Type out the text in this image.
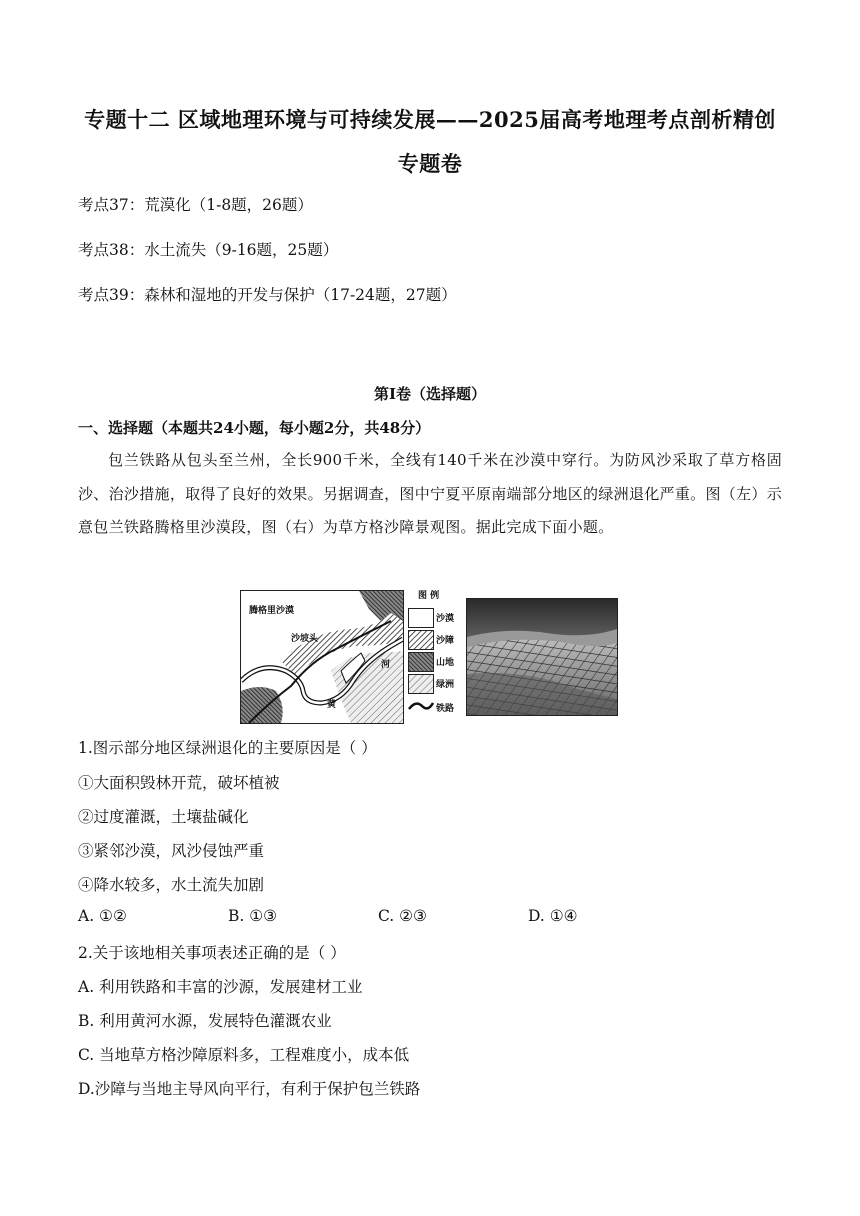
专题十二 区域地理环境与可持续发展——2025届高考地理考点剖析精创
专题卷
考点37：荒漠化（1-8题，26题）
考点38：水土流失（9-16题，25题）
考点39：森林和湿地的开发与保护（17-24题，27题）
第I卷（选择题）
一、选择题（本题共24小题，每小题2分，共48分）
包兰铁路从包头至兰州，全长900千米，全线有140千米在沙漠中穿行。为防风沙采取了草方格固沙、治沙措施，取得了良好的效果。另据调查，图中宁夏平原南端部分地区的绿洲退化严重。图（左）示意包兰铁路腾格里沙漠段，图（右）为草方格沙障景观图。据此完成下面小题。
腾格里沙漠
沙坡头
黄
河
图 例
沙漠
沙障
山地
绿洲
铁路
1.图示部分地区绿洲退化的主要原因是（ ）
①大面积毁林开荒，破坏植被
②过度灌溉，土壤盐碱化
③紧邻沙漠，风沙侵蚀严重
④降水较多，水土流失加剧
A. ①②	B. ①③	C. ②③	D. ①④
2.关于该地相关事项表述正确的是（ ）
A. 利用铁路和丰富的沙源，发展建材工业
B. 利用黄河水源，发展特色灌溉农业
C. 当地草方格沙障原料多，工程难度小，成本低
D.沙障与当地主导风向平行，有利于保护包兰铁路
